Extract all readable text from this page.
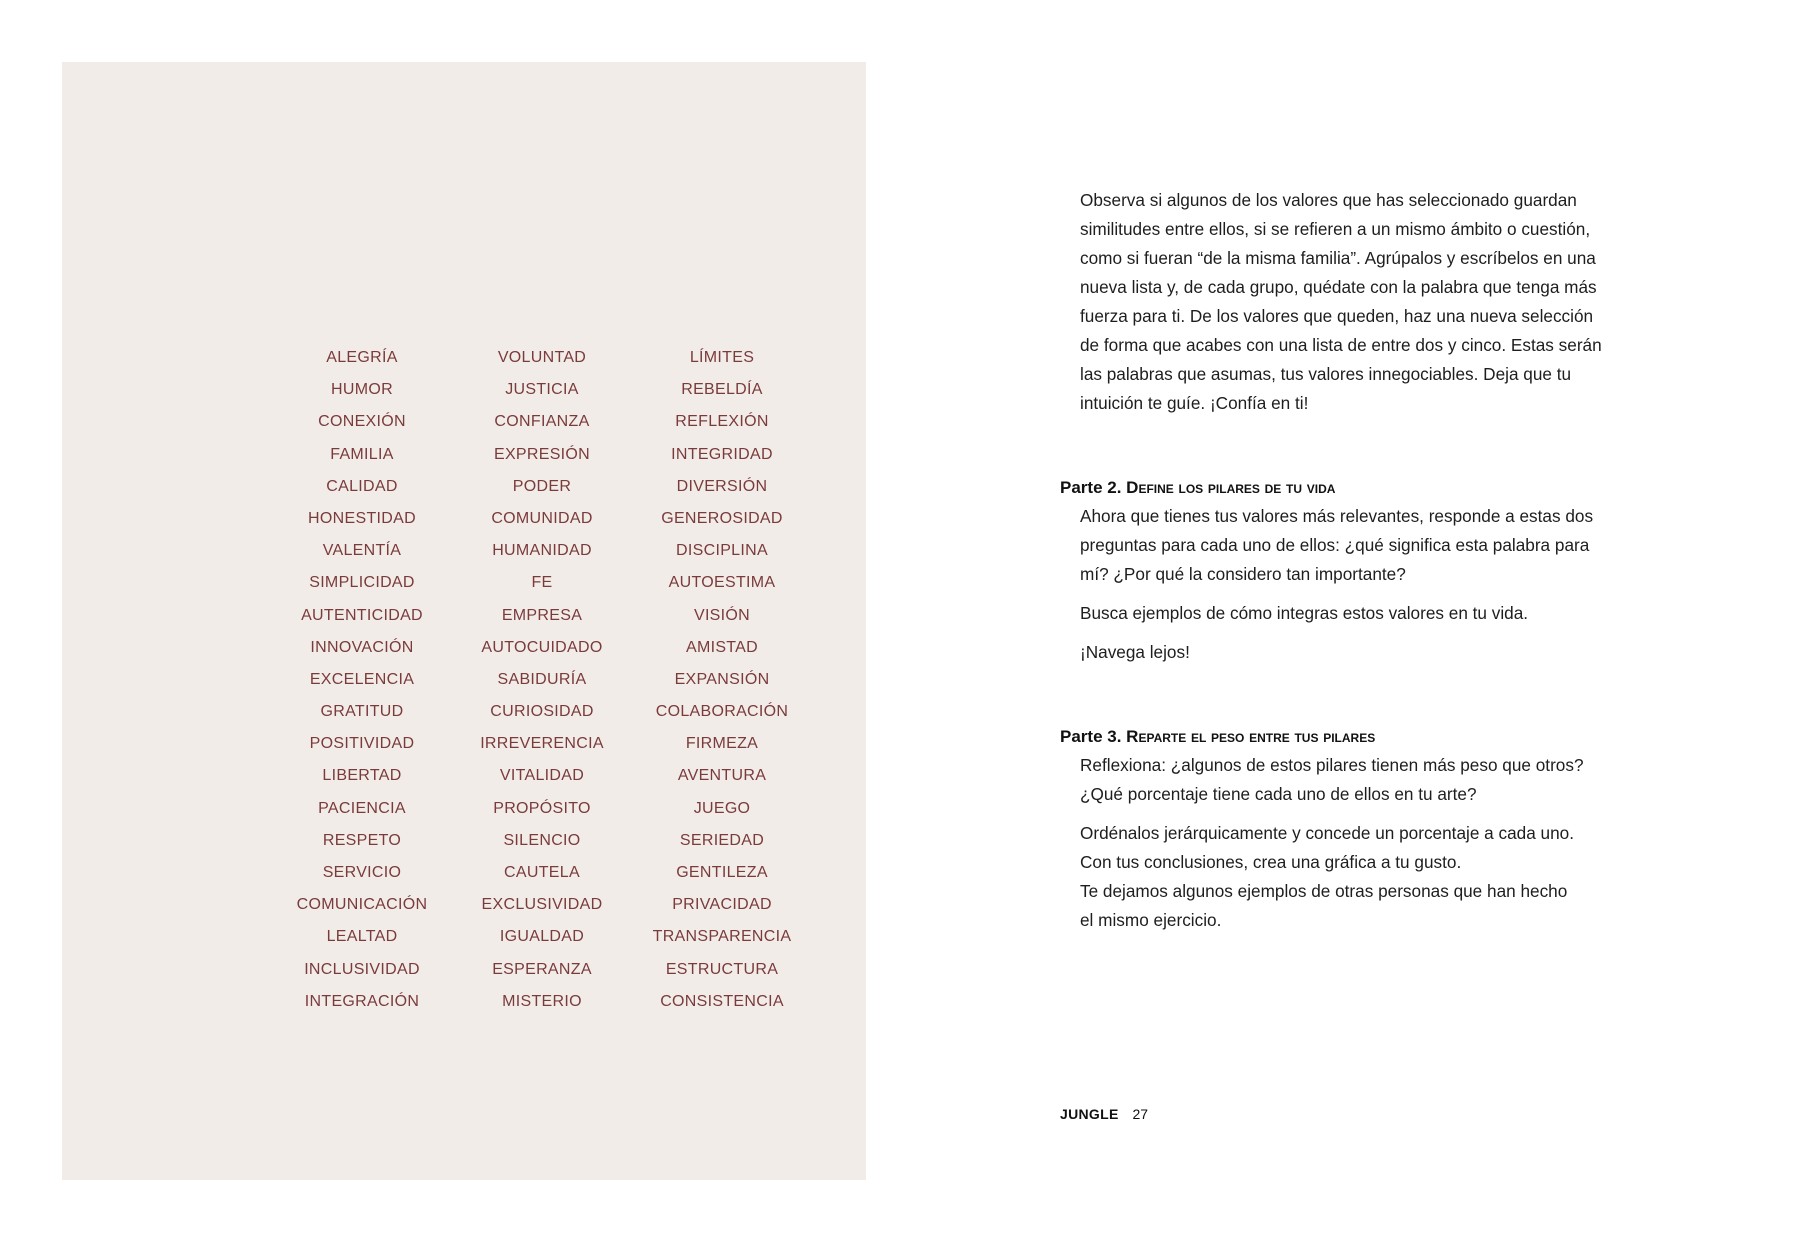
ALEGRÍA
HUMOR
CONEXIÓN
FAMILIA
CALIDAD
HONESTIDAD
VALENTÍA
SIMPLICIDAD
AUTENTICIDAD
INNOVACIÓN
EXCELENCIA
GRATITUD
POSITIVIDAD
LIBERTAD
PACIENCIA
RESPETO
SERVICIO
COMUNICACIÓN
LEALTAD
INCLUSIVIDAD
INTEGRACIÓN
VOLUNTAD
JUSTICIA
CONFIANZA
EXPRESIÓN
PODER
COMUNIDAD
HUMANIDAD
FE
EMPRESA
AUTOCUIDADO
SABIDURÍA
CURIOSIDAD
IRREVERENCIA
VITALIDAD
PROPÓSITO
SILENCIO
CAUTELA
EXCLUSIVIDAD
IGUALDAD
ESPERANZA
MISTERIO
LÍMITES
REBELDÍA
REFLEXIÓN
INTEGRIDAD
DIVERSIÓN
GENEROSIDAD
DISCIPLINA
AUTOESTIMA
VISIÓN
AMISTAD
EXPANSIÓN
COLABORACIÓN
FIRMEZA
AVENTURA
JUEGO
SERIEDAD
GENTILEZA
PRIVACIDAD
TRANSPARENCIA
ESTRUCTURA
CONSISTENCIA
Observa si algunos de los valores que has seleccionado guardan
similitudes entre ellos, si se refieren a un mismo ámbito o cuestión,
como si fueran “de la misma familia”. Agrúpalos y escríbelos en una
nueva lista y, de cada grupo, quédate con la palabra que tenga más
fuerza para ti. De los valores que queden, haz una nueva selección
de forma que acabes con una lista de entre dos y cinco. Estas serán
las palabras que asumas, tus valores innegociables. Deja que tu
intuición te guíe. ¡Confía en ti!
Parte 2. Define los pilares de tu vida
Ahora que tienes tus valores más relevantes, responde a estas dos
preguntas para cada uno de ellos: ¿qué significa esta palabra para
mí? ¿Por qué la considero tan importante?
Busca ejemplos de cómo integras estos valores en tu vida.
¡Navega lejos!
Parte 3. Reparte el peso entre tus pilares
Reflexiona: ¿algunos de estos pilares tienen más peso que otros?
¿Qué porcentaje tiene cada uno de ellos en tu arte?
Ordénalos jerárquicamente y concede un porcentaje a cada uno.
Con tus conclusiones, crea una gráfica a tu gusto.
Te dejamos algunos ejemplos de otras personas que han hecho
el mismo ejercicio.
JUNGLE 27
